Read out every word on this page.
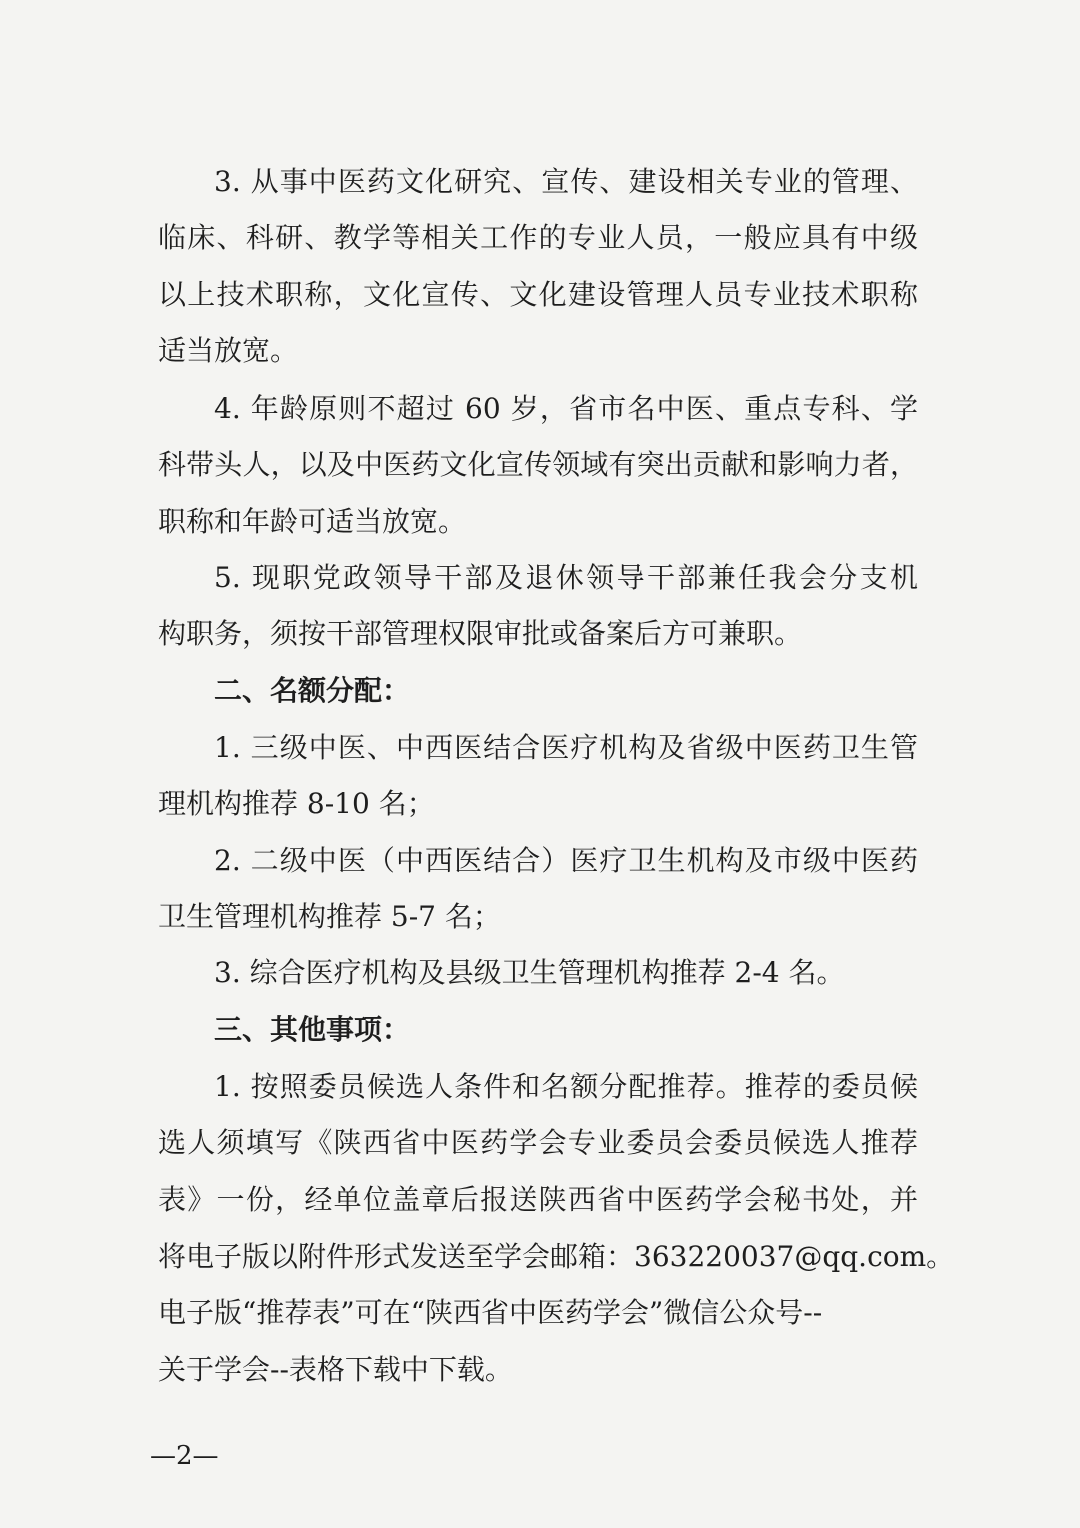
3. 从事中医药文化研究、宣传、建设相关专业的管理、
临床、科研、教学等相关工作的专业人员，一般应具有中级
以上技术职称，文化宣传、文化建设管理人员专业技术职称
适当放宽。
4. 年龄原则不超过 60 岁，省市名中医、重点专科、学
科带头人，以及中医药文化宣传领域有突出贡献和影响力者，
职称和年龄可适当放宽。
5. 现职党政领导干部及退休领导干部兼任我会分支机
构职务，须按干部管理权限审批或备案后方可兼职。
二、名额分配：
1. 三级中医、中西医结合医疗机构及省级中医药卫生管
理机构推荐 8-10 名；
2. 二级中医（中西医结合）医疗卫生机构及市级中医药
卫生管理机构推荐 5-7 名；
3. 综合医疗机构及县级卫生管理机构推荐 2-4 名。
三、其他事项：
1. 按照委员候选人条件和名额分配推荐。推荐的委员候
选人须填写《陕西省中医药学会专业委员会委员候选人推荐
表》一份，经单位盖章后报送陕西省中医药学会秘书处，并
将电子版以附件形式发送至学会邮箱：363220037@qq.com。
电子版“推荐表”可在“陕西省中医药学会”微信公众号--
关于学会--表格下载中下载。
—2—
